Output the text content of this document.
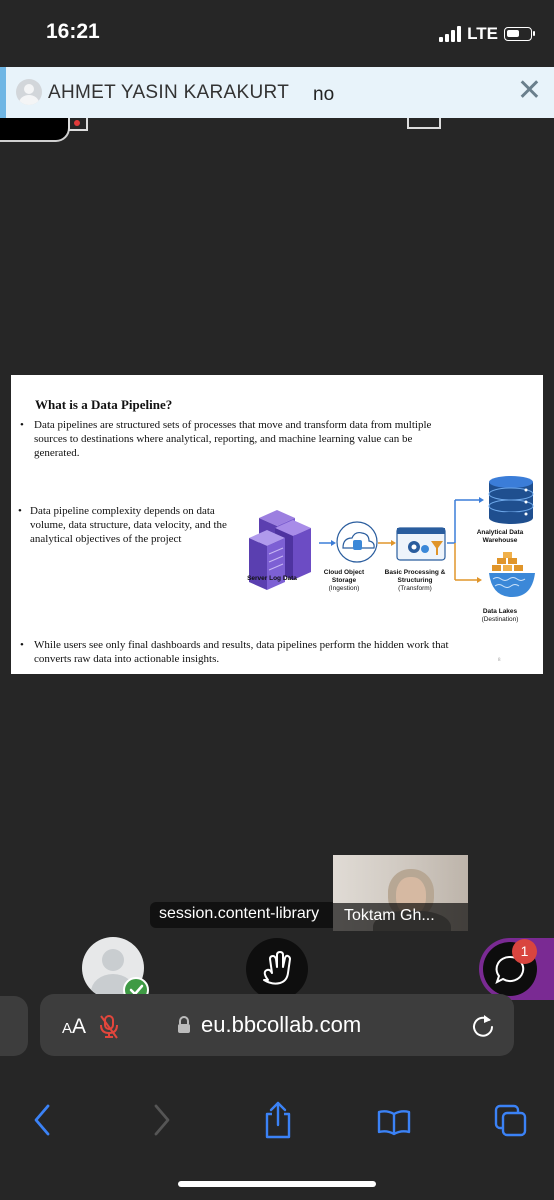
16:21	LTE
AHMET YASIN KARAKURT no	✕
What is a Data Pipeline?
• Data pipelines are structured sets of processes that move and transform data from multiple sources to destinations where analytical, reporting, and machine learning value can be generated.
• Data pipeline complexity depends on data volume, data structure, data velocity, and the analytical objectives of the project
• While users see only final dashboards and results, data pipelines perform the hidden work that converts raw data into actionable insights.
Server Log Data
Cloud Object Storage
(Ingestion)
Basic Processing & Structuring
(Transform)
Analytical Data Warehouse
Data Lakes
(Destination)
8
session.content-library	Toktam Gh...
1
AA	eu.bbcollab.com
